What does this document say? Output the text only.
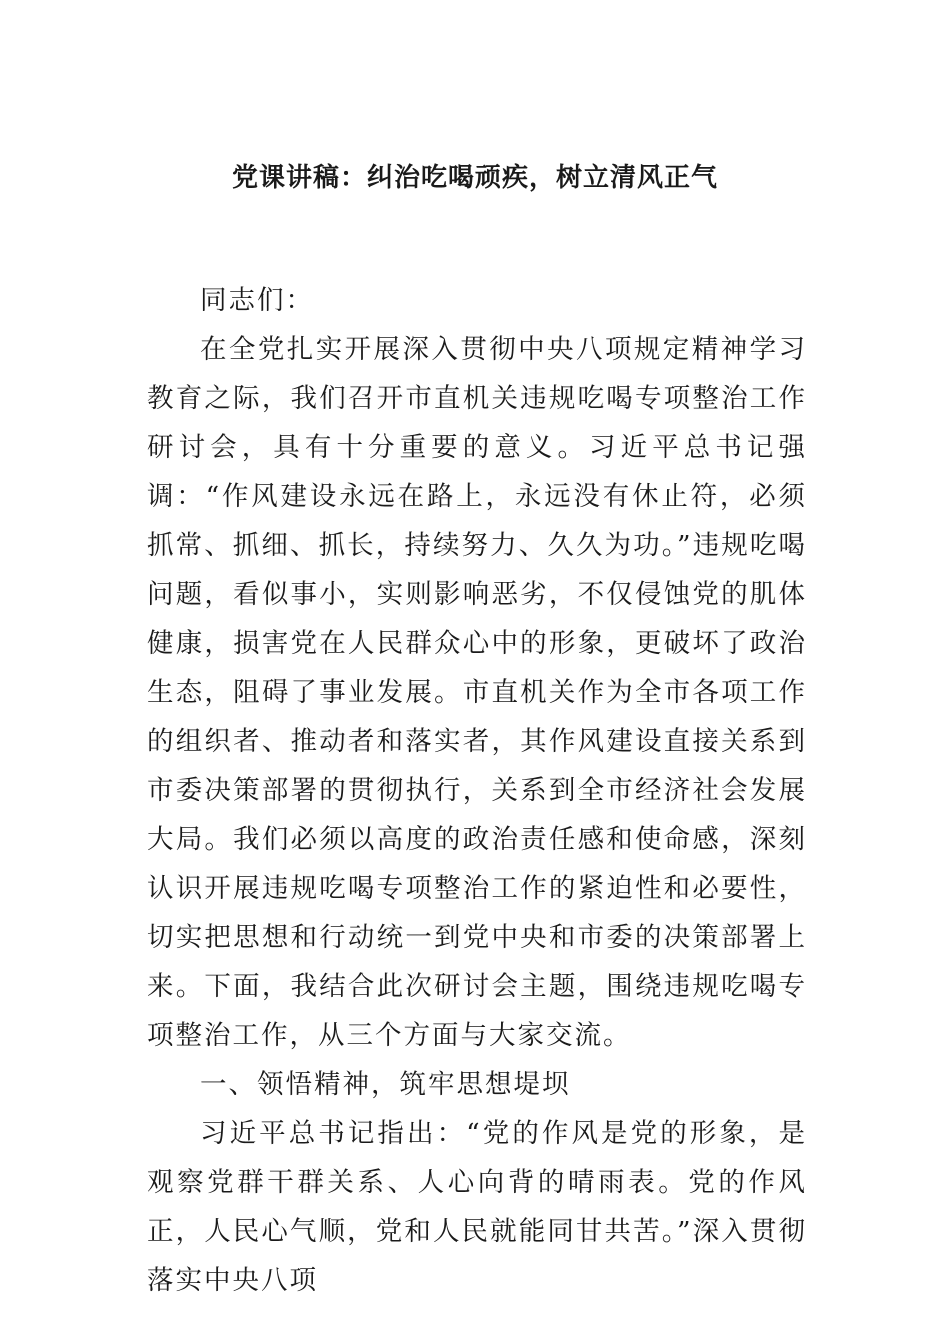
党课讲稿：纠治吃喝顽疾，树立清风正气

同志们：

在全党扎实开展深入贯彻中央八项规定精神学习教育之际，我们召开市直机关违规吃喝专项整治工作研讨会，具有十分重要的意义。习近平总书记强调：“作风建设永远在路上，永远没有休止符，必须抓常、抓细、抓长，持续努力、久久为功。”违规吃喝问题，看似事小，实则影响恶劣，不仅侵蚀党的肌体健康，损害党在人民群众心中的形象，更破坏了政治生态，阻碍了事业发展。市直机关作为全市各项工作的组织者、推动者和落实者，其作风建设直接关系到市委决策部署的贯彻执行，关系到全市经济社会发展大局。我们必须以高度的政治责任感和使命感，深刻认识开展违规吃喝专项整治工作的紧迫性和必要性，切实把思想和行动统一到党中央和市委的决策部署上来。下面，我结合此次研讨会主题，围绕违规吃喝专项整治工作，从三个方面与大家交流。

一、领悟精神，筑牢思想堤坝

习近平总书记指出：“党的作风是党的形象，是观察党群干群关系、人心向背的晴雨表。党的作风正，人民心气顺，党和人民就能同甘共苦。”深入贯彻落实中央八项
